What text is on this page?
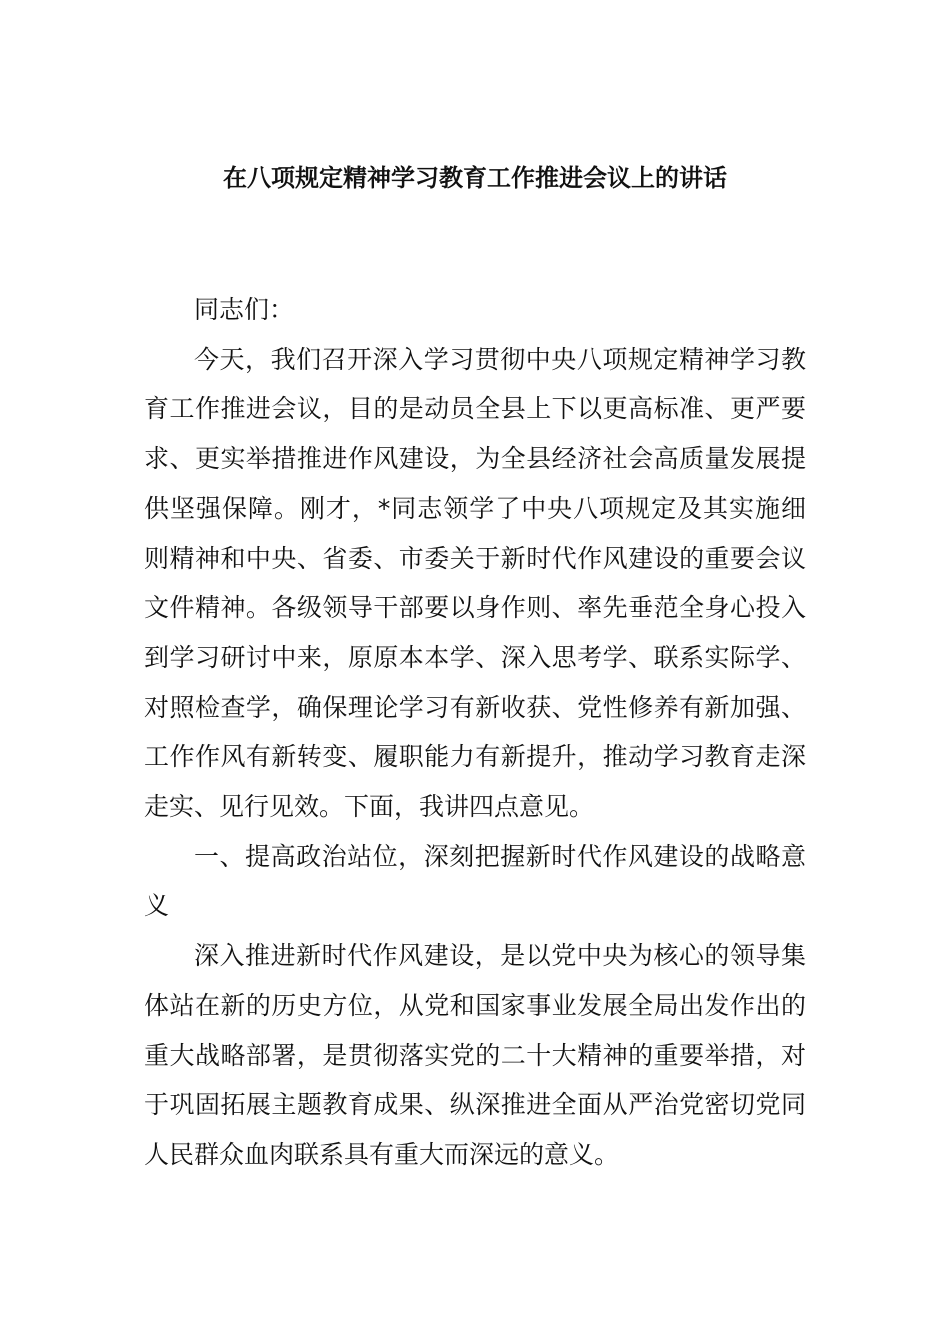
在八项规定精神学习教育工作推进会议上的讲话

同志们：

今天，我们召开深入学习贯彻中央八项规定精神学习教育工作推进会议，目的是动员全县上下以更高标准、更严要求、更实举措推进作风建设，为全县经济社会高质量发展提供坚强保障。刚才，*同志领学了中央八项规定及其实施细则精神和中央、省委、市委关于新时代作风建设的重要会议文件精神。各级领导干部要以身作则、率先垂范全身心投入到学习研讨中来，原原本本学、深入思考学、联系实际学、对照检查学，确保理论学习有新收获、党性修养有新加强、工作作风有新转变、履职能力有新提升，推动学习教育走深走实、见行见效。下面，我讲四点意见。

一、提高政治站位，深刻把握新时代作风建设的战略意义

深入推进新时代作风建设，是以党中央为核心的领导集体站在新的历史方位，从党和国家事业发展全局出发作出的重大战略部署，是贯彻落实党的二十大精神的重要举措，对于巩固拓展主题教育成果、纵深推进全面从严治党密切党同人民群众血肉联系具有重大而深远的意义。
